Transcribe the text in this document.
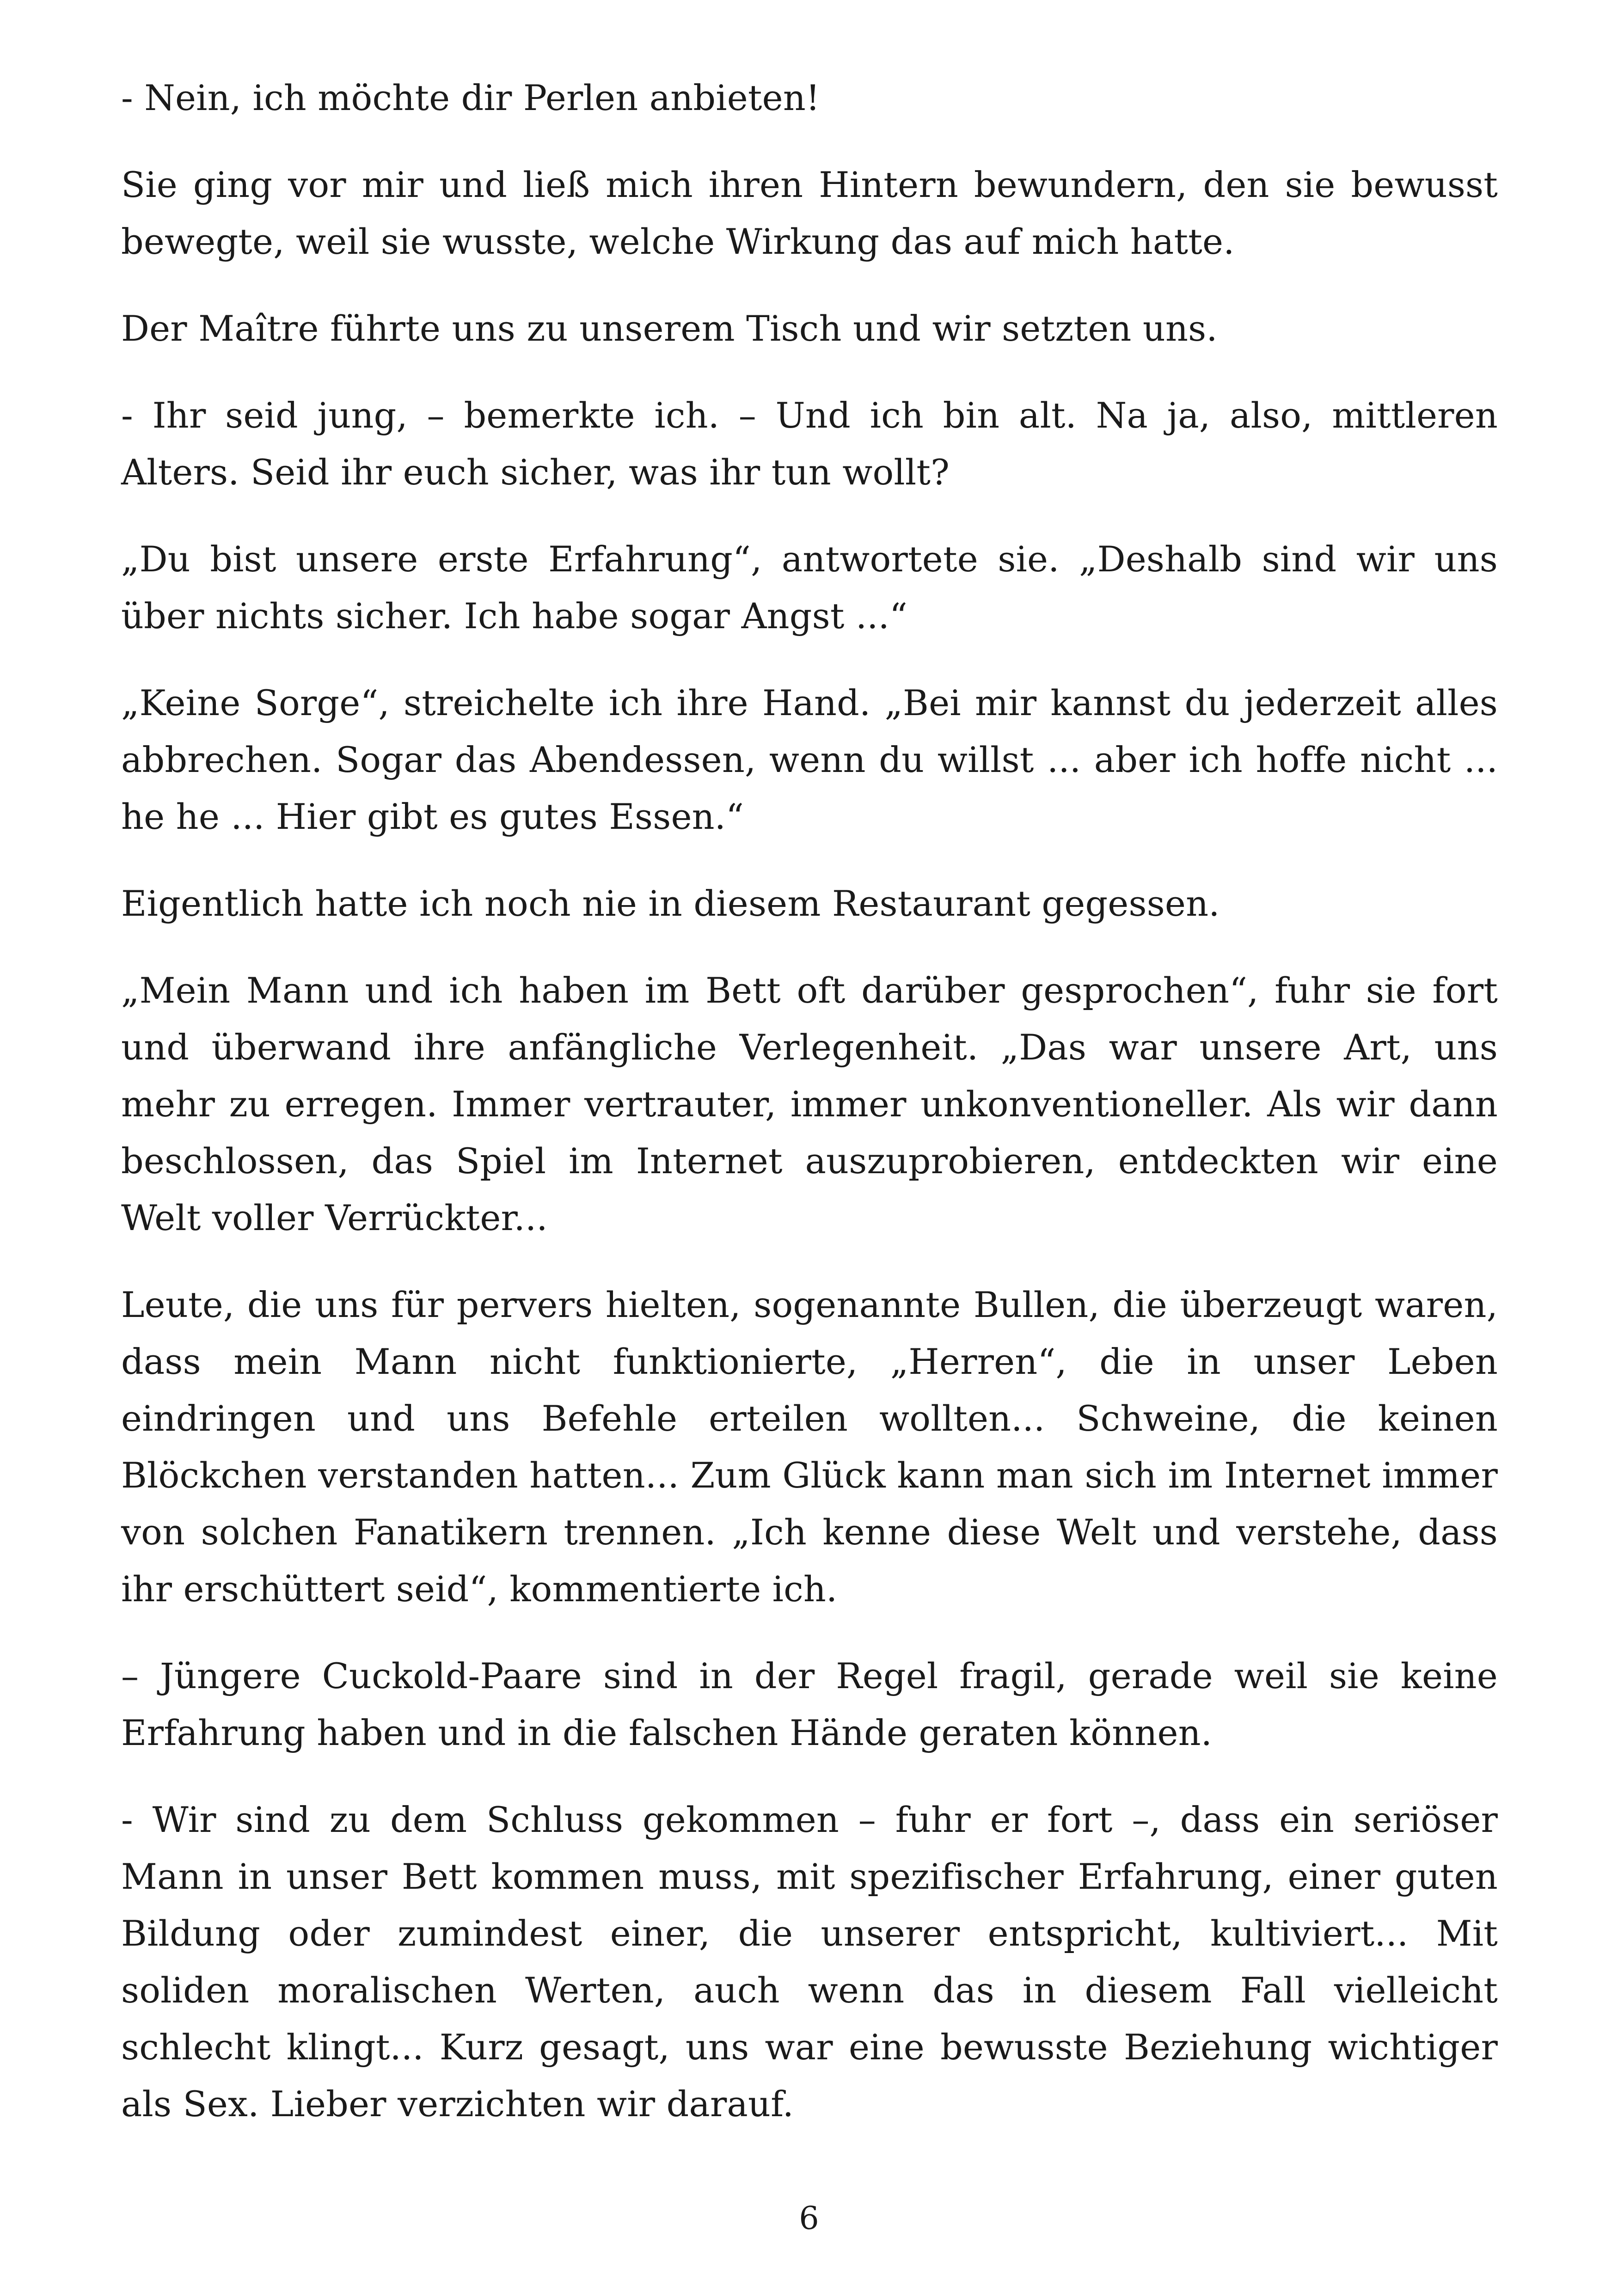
- Nein, ich möchte dir Perlen anbieten!

Sie ging vor mir und ließ mich ihren Hintern bewundern, den sie bewusst bewegte, weil sie wusste, welche Wirkung das auf mich hatte.

Der Maître führte uns zu unserem Tisch und wir setzten uns.

- Ihr seid jung, – bemerkte ich. – Und ich bin alt. Na ja, also, mittleren Alters. Seid ihr euch sicher, was ihr tun wollt?

„Du bist unsere erste Erfahrung“, antwortete sie. „Deshalb sind wir uns über nichts sicher. Ich habe sogar Angst ...“

„Keine Sorge“, streichelte ich ihre Hand. „Bei mir kannst du jederzeit alles abbrechen. Sogar das Abendessen, wenn du willst ... aber ich hoffe nicht ... he he ... Hier gibt es gutes Essen.“

Eigentlich hatte ich noch nie in diesem Restaurant gegessen.

„Mein Mann und ich haben im Bett oft darüber gesprochen“, fuhr sie fort und überwand ihre anfängliche Verlegenheit. „Das war unsere Art, uns mehr zu erregen. Immer vertrauter, immer unkonventioneller. Als wir dann beschlossen, das Spiel im Internet auszuprobieren, entdeckten wir eine Welt voller Verrückter...

Leute, die uns für pervers hielten, sogenannte Bullen, die überzeugt waren, dass mein Mann nicht funktionierte, „Herren“, die in unser Leben eindringen und uns Befehle erteilen wollten... Schweine, die keinen Blöckchen verstanden hatten... Zum Glück kann man sich im Internet immer von solchen Fanatikern trennen. „Ich kenne diese Welt und verstehe, dass ihr erschüttert seid“, kommentierte ich.

– Jüngere Cuckold-Paare sind in der Regel fragil, gerade weil sie keine Erfahrung haben und in die falschen Hände geraten können.

- Wir sind zu dem Schluss gekommen – fuhr er fort –, dass ein seriöser Mann in unser Bett kommen muss, mit spezifischer Erfahrung, einer guten Bildung oder zumindest einer, die unserer entspricht, kultiviert... Mit soliden moralischen Werten, auch wenn das in diesem Fall vielleicht schlecht klingt... Kurz gesagt, uns war eine bewusste Beziehung wichtiger als Sex. Lieber verzichten wir darauf.

6
